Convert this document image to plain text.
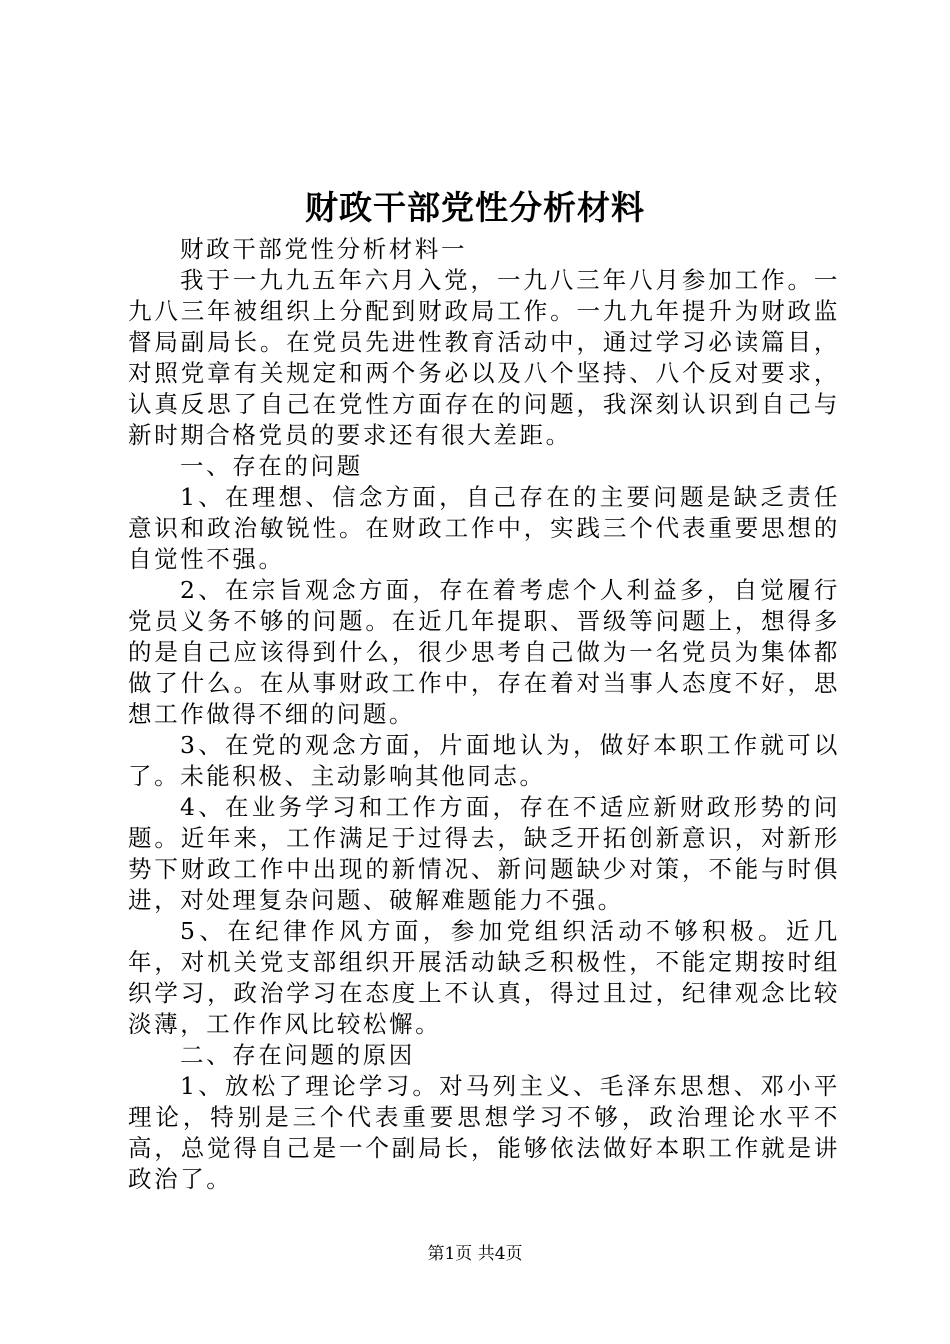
财政干部党性分析材料

财政干部党性分析材料一

我于一九九五年六月入党，一九八三年八月参加工作。一九八三年被组织上分配到财政局工作。一九九年提升为财政监督局副局长。在党员先进性教育活动中，通过学习必读篇目，对照党章有关规定和两个务必以及八个坚持、八个反对要求，认真反思了自己在党性方面存在的问题，我深刻认识到自己与新时期合格党员的要求还有很大差距。

一、存在的问题

1、在理想、信念方面，自己存在的主要问题是缺乏责任意识和政治敏锐性。在财政工作中，实践三个代表重要思想的自觉性不强。

2、在宗旨观念方面，存在着考虑个人利益多，自觉履行党员义务不够的问题。在近几年提职、晋级等问题上，想得多的是自己应该得到什么，很少思考自己做为一名党员为集体都做了什么。在从事财政工作中，存在着对当事人态度不好，思想工作做得不细的问题。

3、在党的观念方面，片面地认为，做好本职工作就可以了。未能积极、主动影响其他同志。

4、在业务学习和工作方面，存在不适应新财政形势的问题。近年来，工作满足于过得去，缺乏开拓创新意识，对新形势下财政工作中出现的新情况、新问题缺少对策，不能与时俱进，对处理复杂问题、破解难题能力不强。

5、在纪律作风方面，参加党组织活动不够积极。近几年，对机关党支部组织开展活动缺乏积极性，不能定期按时组织学习，政治学习在态度上不认真，得过且过，纪律观念比较淡薄，工作作风比较松懈。

二、存在问题的原因

1、放松了理论学习。对马列主义、毛泽东思想、邓小平理论，特别是三个代表重要思想学习不够，政治理论水平不高，总觉得自己是一个副局长，能够依法做好本职工作就是讲政治了。

第1页 共4页
